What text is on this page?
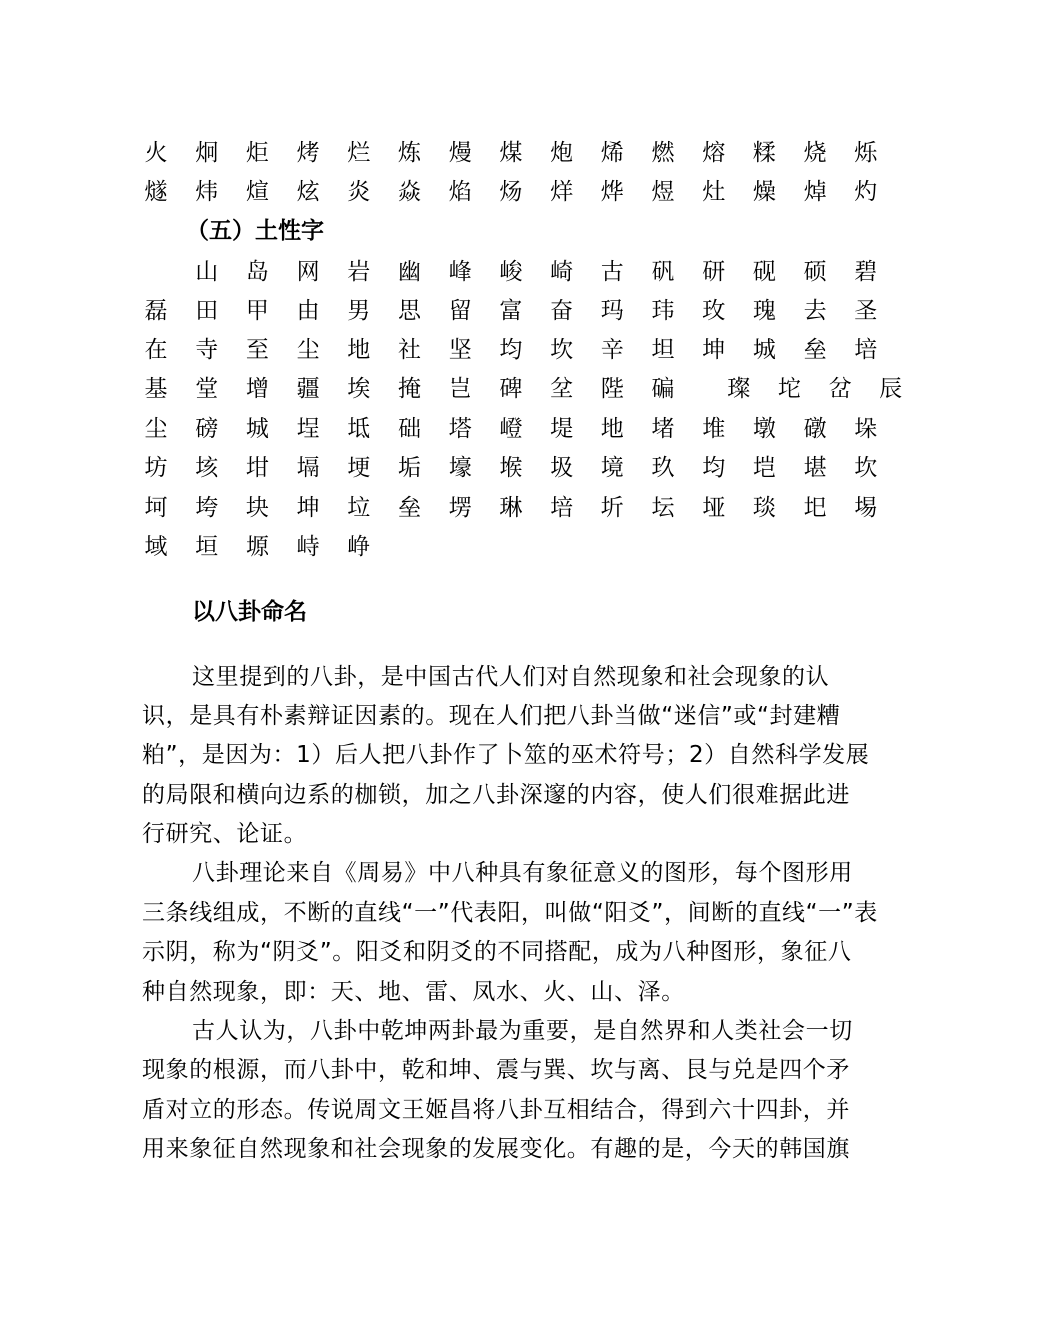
火 炯 炬 烤 烂 炼 熳 煤 炮 烯 燃 熔 糅 烧 烁
燧 炜 煊 炫 炎 焱 焰 炀 烊 烨 煜 灶 燥 焯 灼
（五）土性字
山 岛 网 岩 幽 峰 峻 崎 古 矾 研 砚 硕 碧
磊 田 甲 由 男 思 留 富 奋 玛 玮 玫 瑰 去 圣
在 寺 至 尘 地 社 坚 均 坎 辛 坦 坤 城 垒 培
基 堂 增 疆 埃 掩 岂 碑 坌 陛 碥 璨 坨 岔 辰
尘 磅 城 埕 坻 础 塔 嶝 堤 地 堵 堆 墩 礅 垛
坊 垓 坩 塥 埂 垢 壕 堠 圾 境 玖 均 垲 堪 坎
坷 垮 块 坤 垃 垒 塄 琳 培 圻 坛 垭 琰 圯 埸
域 垣 塬 峙 峥
以八卦命名
这里提到的八卦，是中国古代人们对自然现象和社会现象的认
识，是具有朴素辩证因素的。现在人们把八卦当做“迷信”或“封建糟
粕”，是因为：1）后人把八卦作了卜筮的巫术符号；2）自然科学发展
的局限和横向边系的枷锁，加之八卦深邃的内容，使人们很难据此进
行研究、论证。
八卦理论来自《周易》中八种具有象征意义的图形，每个图形用
三条线组成，不断的直线“一”代表阳，叫做“阳爻”，间断的直线“一”表
示阴，称为“阴爻”。阳爻和阴爻的不同搭配，成为八种图形，象征八
种自然现象，即：天、地、雷、凤水、火、山、泽。
古人认为，八卦中乾坤两卦最为重要，是自然界和人类社会一切
现象的根源，而八卦中，乾和坤、震与巽、坎与离、艮与兑是四个矛
盾对立的形态。传说周文王姬昌将八卦互相结合，得到六十四卦，并
用来象征自然现象和社会现象的发展变化。有趣的是，今天的韩国旗
